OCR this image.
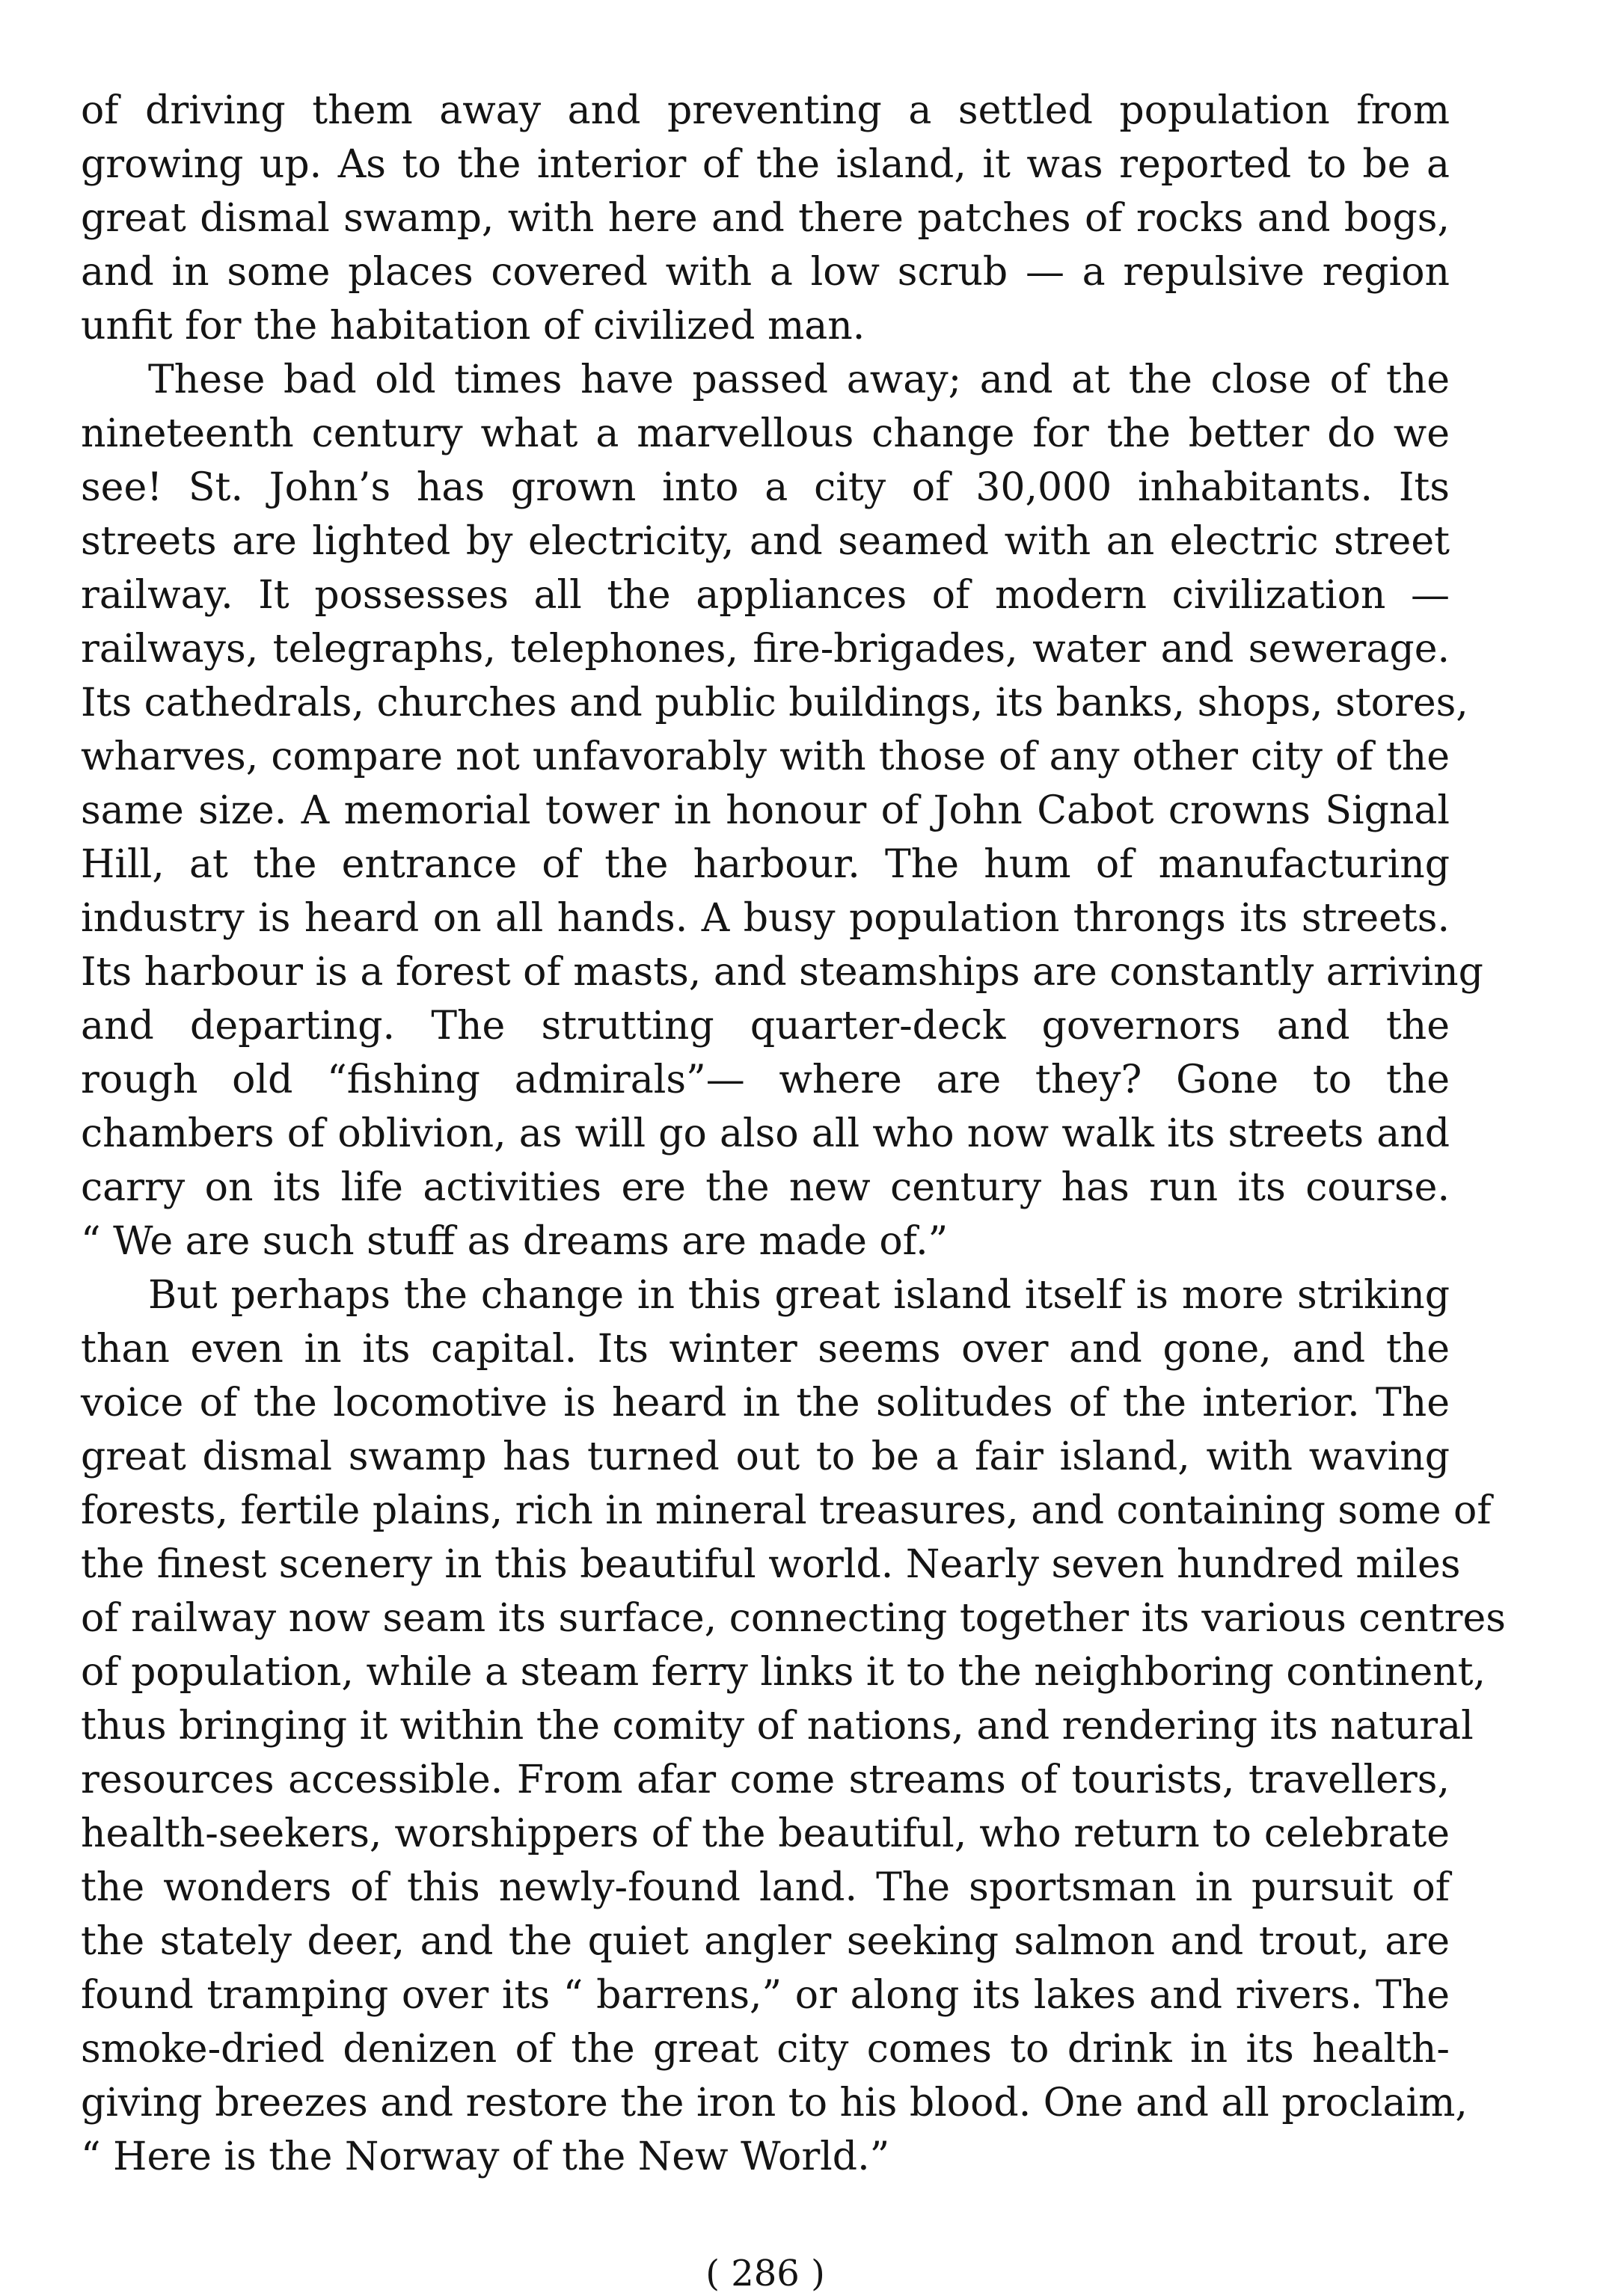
of driving them away and preventing a settled population from
growing up. As to the interior of the island, it was reported to be a
great dismal swamp, with here and there patches of rocks and bogs,
and in some places covered with a low scrub — a repulsive region
unfit for the habitation of civilized man.
These bad old times have passed away; and at the close of the
nineteenth century what a marvellous change for the better do we
see! St. John’s has grown into a city of 30,000 inhabitants. Its
streets are lighted by electricity, and seamed with an electric street
railway. It possesses all the appliances of modern civilization —
railways, telegraphs, telephones, fire-brigades, water and sewerage.
Its cathedrals, churches and public buildings, its banks, shops, stores,
wharves, compare not unfavorably with those of any other city of the
same size. A memorial tower in honour of John Cabot crowns Signal
Hill, at the entrance of the harbour. The hum of manufacturing
industry is heard on all hands. A busy population throngs its streets.
Its harbour is a forest of masts, and steamships are constantly arriving
and departing. The strutting quarter-deck governors and the
rough old “fishing admirals”— where are they? Gone to the
chambers of oblivion, as will go also all who now walk its streets and
carry on its life activities ere the new century has run its course.
“ We are such stuff as dreams are made of.”
But perhaps the change in this great island itself is more striking
than even in its capital. Its winter seems over and gone, and the
voice of the locomotive is heard in the solitudes of the interior. The
great dismal swamp has turned out to be a fair island, with waving
forests, fertile plains, rich in mineral treasures, and containing some of
the finest scenery in this beautiful world. Nearly seven hundred miles
of railway now seam its surface, connecting together its various centres
of population, while a steam ferry links it to the neighboring continent,
thus bringing it within the comity of nations, and rendering its natural
resources accessible. From afar come streams of tourists, travellers,
health-seekers, worshippers of the beautiful, who return to celebrate
the wonders of this newly-found land. The sportsman in pursuit of
the stately deer, and the quiet angler seeking salmon and trout, are
found tramping over its “ barrens,” or along its lakes and rivers. The
smoke-dried denizen of the great city comes to drink in its health-
giving breezes and restore the iron to his blood. One and all proclaim,
“ Here is the Norway of the New World.”
( 286 )
